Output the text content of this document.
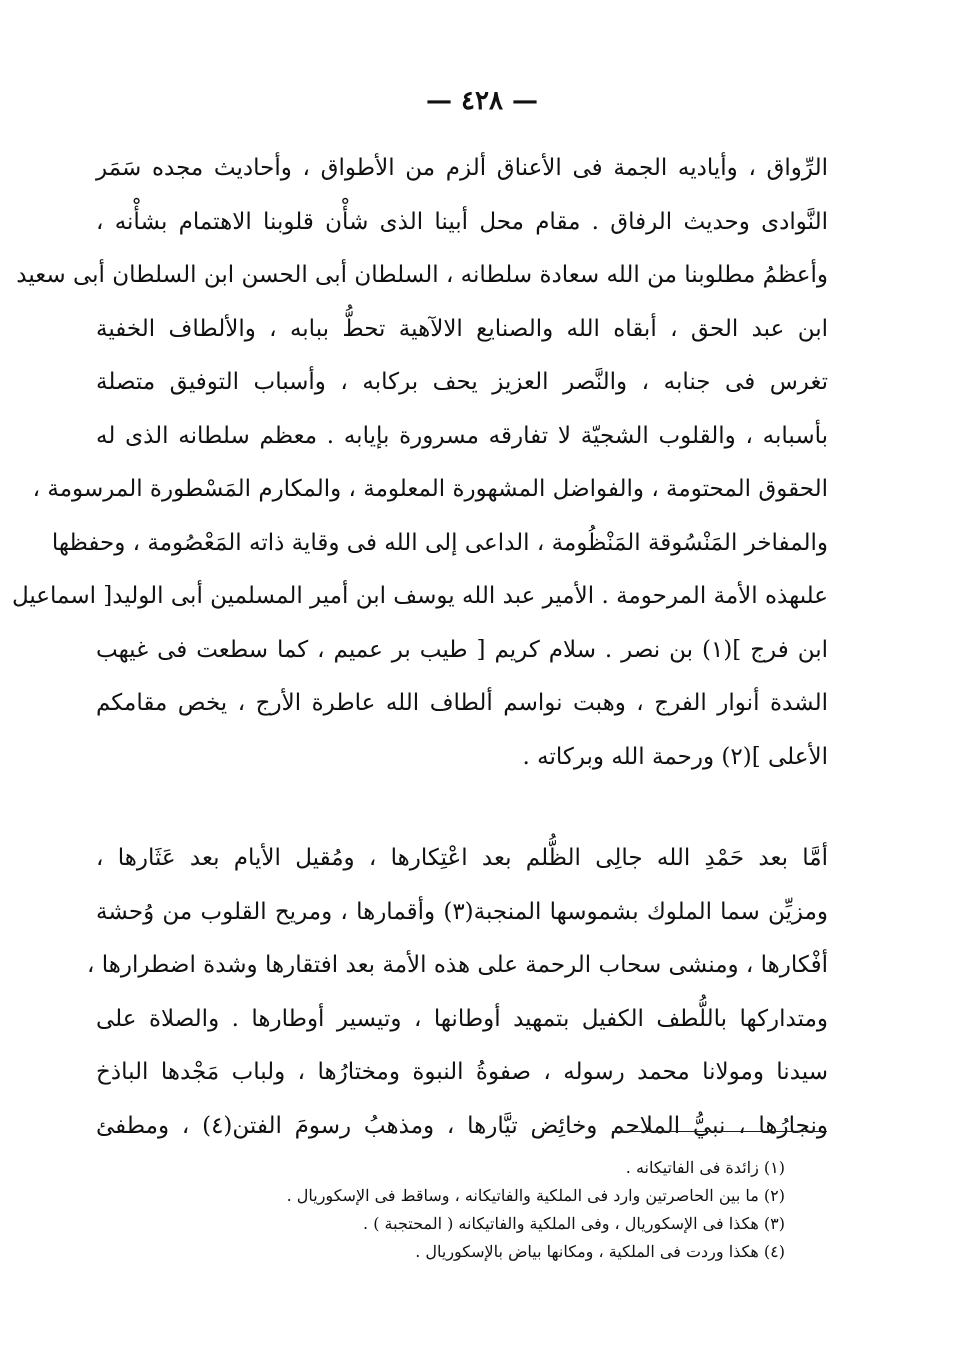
— ٤٢٨ —
الرِّواق ، وأياديه الجمة فى الأعناق ألزم من الأطواق ، وأحاديث مجده سَمَر
النَّوادى وحديث الرفاق . مقام محل أبينا الذى شأْن قلوبنا الاهتمام بشأْنه ،
وأعظمُ مطلوبنا من الله سعادة سلطانه ، السلطان أبى الحسن ابن السلطان أبى سعيد
ابن عبد الحق ، أبقاه الله والصنايع الالآهية تحطُّ ببابه ، والألطاف الخفية
تغرس فى جنابه ، والنَّصر العزيز يحف بركابه ، وأسباب التوفيق متصلة
بأسبابه ، والقلوب الشجيّة لا تفارقه مسرورة بإيابه . معظم سلطانه الذى له
الحقوق المحتومة ، والفواضل المشهورة المعلومة ، والمكارم المَسْطورة المرسومة ،
والمفاخر المَنْسُوقة المَنْظُومة ، الداعى إلى الله فى وقاية ذاته المَعْصُومة ، وحفظها
علىهذه الأمة المرحومة . الأمير عبد الله يوسف ابن أمير المسلمين أبى الوليد[ اسماعيل
ابن فرج ](١) بن نصر . سلام كريم [ طيب بر عميم ، كما سطعت فى غيهب
الشدة أنوار الفرج ، وهبت نواسم ألطاف الله عاطرة الأرج ، يخص مقامكم
الأعلى ](٢) ورحمة الله وبركاته .
أمَّا بعد حَمْدِ الله جالِى الظُّلم بعد اعْتِكارها ، ومُقيل الأيام بعد عَثَارها ،
ومزيِّن سما الملوك بشموسها المنجبة(٣) وأقمارها ، ومريح القلوب من وُحشة
أفْكارها ، ومنشى سحاب الرحمة على هذه الأمة بعد افتقارها وشدة اضطرارها ،
ومتداركها باللُّطف الكفيل بتمهيد أوطانها ، وتيسير أوطارها . والصلاة على
سيدنا ومولانا محمد رسوله ، صفوةُ النبوة ومختارُها ، ولباب مَجْدها الباذخ
ونجارُها ، نبيُّ الملاحم وخائِض تيَّارها ، ومذهبُ رسومَ الفتن(٤) ، ومطفئ
(١) زائدة فى الفاتيكانه .
(٢) ما بين الحاصرتين وارد فى الملكية والفاتيكانه ، وساقط فى الإسكوريال .
(٣) هكذا فى الإسكوريال ، وفى الملكية والفاتيكانه ( المحتجبة ) .
(٤) هكذا وردت فى الملكية ، ومكانها بياض بالإسكوريال .
